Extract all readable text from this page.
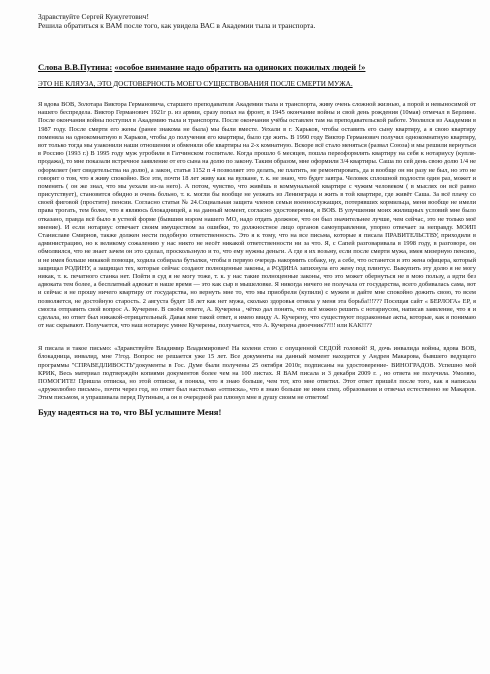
Здравствуйте Сергей Кужугетович!
Решила обратиться к ВАМ после того, как увидела ВАС в Академии тыла и транспорта.
Слова В.В.Путина: «особое внимание надо обратить на одиноких пожилых людей !»
ЭТО НЕ КЛЯУЗА, ЭТО ДОСТОВЕРНОСТЬ МОЕГО СУЩЕСТВОВАНИЯ ПОСЛЕ СМЕРТИ МУЖА.
Я вдова ВОВ, Золотара Виктора Германовича, старшего преподавателя Академии тыла и транспорта, живу очень сложной жизнью, а порой и невыносимой от нашего беспредела. Виктор Германович 1921г р. из армии, сразу попал на фронт, в 1945 окончание войны и свой день рождения (10мая) отмечал в Берлине. После окончания войны поступил в Академию тыла и транспорта. После окончания учёбы оставлен там на преподавательской работе. Уволился из Академии в 1987 году. После смерти его жены (ранее знакома не была) мы были вместе. Уехали в г. Харьков, чтобы оставить его сыну квартиру, а я свою квартиру поменяла на однокомнатную в Харьков, чтобы до получения его квартиры, было где жить. В 1990 году Виктор Германович получил однокомнатную квартиру, вот только тогда мы узаконили наши отношения и обменяли обе квартиры на 2-х комнатную. Вскоре всё стало меняться (развал Союза) и мы решили вернуться в Россию (1993 г.) В 1995 году муж угробили в Гатчинском госпитале. Когда прошло 6 месяцев, пошла переоформлять квартиру на себя к нотариусу (купля- продажа), то мне показали встречное заявление от его сына на долю по закону. Таким образом, мне оформили 3/4 квартиры. Саша по сей день свою долю 1/4 не оформляет (нет свидетельства на долю), а закон, статья 1152 п 4 позволяет это делать, не платить, не ремонтировать, да и вообще он ни разу не был, но это не говорит о том, что я живу спокойно. Все эти, почти 18 лет живу как на вулкане, т. к. не знаю, что будет завтра. Человек сплошной подлости один раз, может и поменять ( он же знал, что мы уехали из-за него). А потом, чувство, что живёшь в коммунальной квартире с чужим человеком ( в мыслях он всё равно присутствует), становится обидно и очень больно, т. к. могли бы вообще не уезжать из Ленинграда и жить в той квартире, где живёт Саша. За всё плачу со своей фиговой (простите) пенсии. Согласно статьи № 24.Социальная защита членов семьи военнослужащих, потерявших кормильца, меня вообще не имели права трогать, тем более, что я являюсь блокадницей, а на данный момент, согласно удостоверения, я ВОВ. В улучшении моих жилищных условий мне было отказано, правда всё было в устной форме (бывшим мэром нашего МО, надо отдать должное, что он был значительнее лучше, чем сейчас, это не только моё мнение). И если нотариус отвечает своим имуществом за ошибки, то должностное лицо органов самоуправления, упорно отвечает за неправду. МОИП Станиславе Смирнов, также должен нести подобную ответственность. Это я к тому, что на все письма, которые я писала ПРАВИТЕЛЬСТВУ, приходили в администрацию, но к великому сожалению у нас никто не несёт никакой ответственности ни за что. Я, с Сапей разговаривала в 1998 году, в разговоре, он обмолвился, что не знает зачем он это сделал, проскользнуло и то, что ему нужны деньги. А где я их возьму, если после смерти мужа, имея мизерную пенсию, и не имея больше никакой помощи, ходила собирала бутылки, чтобы в первую очередь накормить собаку, ну, а себе, что останется и это жена офицера, который защищал РОДИНУ, а защищал тех, которые сейчас создают полноценные законы, а РОДИНА запихнула его жену под плинтус. Выкупить эту долю я не могу никак, т. к. печатного станка нет. Пойти в суд я не могу тоже, т. к. у нас такие полноценные законы, что это может обернуться не в мою пользу, а идти без адвоката тем более, а бесплатный адвокат в наше время — это как сыр в мышеловке. Я никогда ничего не получала от государства, всего добивалась сама, вот и сейчас я не прошу ничего квартиру от государства, но вернуть мне то, что мы приобрели (купили) с мужем и дайте мне спокойно дожить свою, то всем позволяется, не достойную старость. 2 августа будет 18 лет как нет мужа, сколько здоровья отняла у меня эта борьба!!!??? Посещая сайт « БЕРЛОГА» ЕР, я смогла отправить свой вопрос А. Кучерене. В своём ответе, А. Кучерена , чётко дал понять, что всё можно решить с нотариусом, написав заявление, что я и сделала, но ответ был никакой-отрицательный. Давая мне такой ответ, я имею ввиду А. Кучерену, что существуют подзаконные акты, которые, как я понимаю от нас скрывают. Получается, что наш нотариус умнее Кучерены, получается, что А. Кучерена двоечник??!!! или КАК!!??
Я писала и такое письмо: «Здравствуйте Владимир Владимирович! На колени стою с опущенной СЕДОЙ головой! Я, дочь инвалида войны, вдова ВОВ, блокадница, инвалид, мне 7!год. Вопрос не решается уже 15 лет. Все документы на данный момент находятся у Андрея Макарова, бывшего ведущего программы "СПРАВЕДЛИВОСТЬ"документы в Гос. Думе были получены 25 октября 2010г, подписаны на удостоверение- ВИНОГРАДОВ. Успешно мой КРИК, Весь материал подтверждён копиями документов более чем на 100 листах. Я ВАМ писала и 3 декабря 2009 г. , но ответа не получила. Умоляю, ПОМОГИТЕ! Пришла отписка, но этой отписке, я поняла, что я знаю больше, чем тот, кто мне ответил. Этот ответ пришёл после того, как я написала «дружелюбно письмо», почти через год, но ответ был настолько «отписка», что я знаю больше не имея спец. образования и отвечал естественно не Макаров. Этим письмом, я упрашивала перед Путиным, а он в очередной раз плюнул мне в душу своим не ответом!
Буду надеяться на то, что ВЫ услышите Меня!
